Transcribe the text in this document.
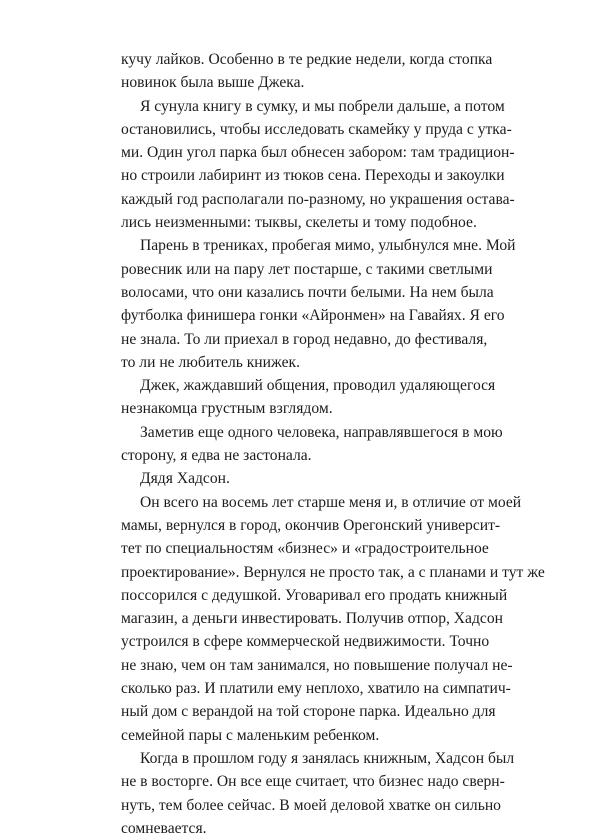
кучу лайков. Особенно в те редкие недели, когда стопка
новинок была выше Джека.
Я сунула книгу в сумку, и мы побрели дальше, а потом
остановились, чтобы исследовать скамейку у пруда с утка-
ми. Один угол парка был обнесен забором: там традицион-
но строили лабиринт из тюков сена. Переходы и закоулки
каждый год располагали по-разному, но украшения остава-
лись неизменными: тыквы, скелеты и тому подобное.
Парень в трениках, пробегая мимо, улыбнулся мне. Мой
ровесник или на пару лет постарше, с такими светлыми
волосами, что они казались почти белыми. На нем была
футболка финишера гонки «Айронмен» на Гавайях. Я его
не знала. То ли приехал в город недавно, до фестиваля,
то ли не любитель книжек.
Джек, жаждавший общения, проводил удаляющегося
незнакомца грустным взглядом.
Заметив еще одного человека, направлявшегося в мою
сторону, я едва не застонала.
Дядя Хадсон.
Он всего на восемь лет старше меня и, в отличие от моей
мамы, вернулся в город, окончив Орегонский университ-
тет по специальностям «бизнес» и «градостроительное
проектирование». Вернулся не просто так, а с планами и тут же
поссорился с дедушкой. Уговаривал его продать книжный
магазин, а деньги инвестировать. Получив отпор, Хадсон
устроился в сфере коммерческой недвижимости. Точно
не знаю, чем он там занимался, но повышение получал не-
сколько раз. И платили ему неплохо, хватило на симпатич-
ный дом с верандой на той стороне парка. Идеально для
семейной пары с маленьким ребенком.
Когда в прошлом году я занялась книжным, Хадсон был
не в восторге. Он все еще считает, что бизнес надо сверн-
нуть, тем более сейчас. В моей деловой хватке он сильно
сомневается.
